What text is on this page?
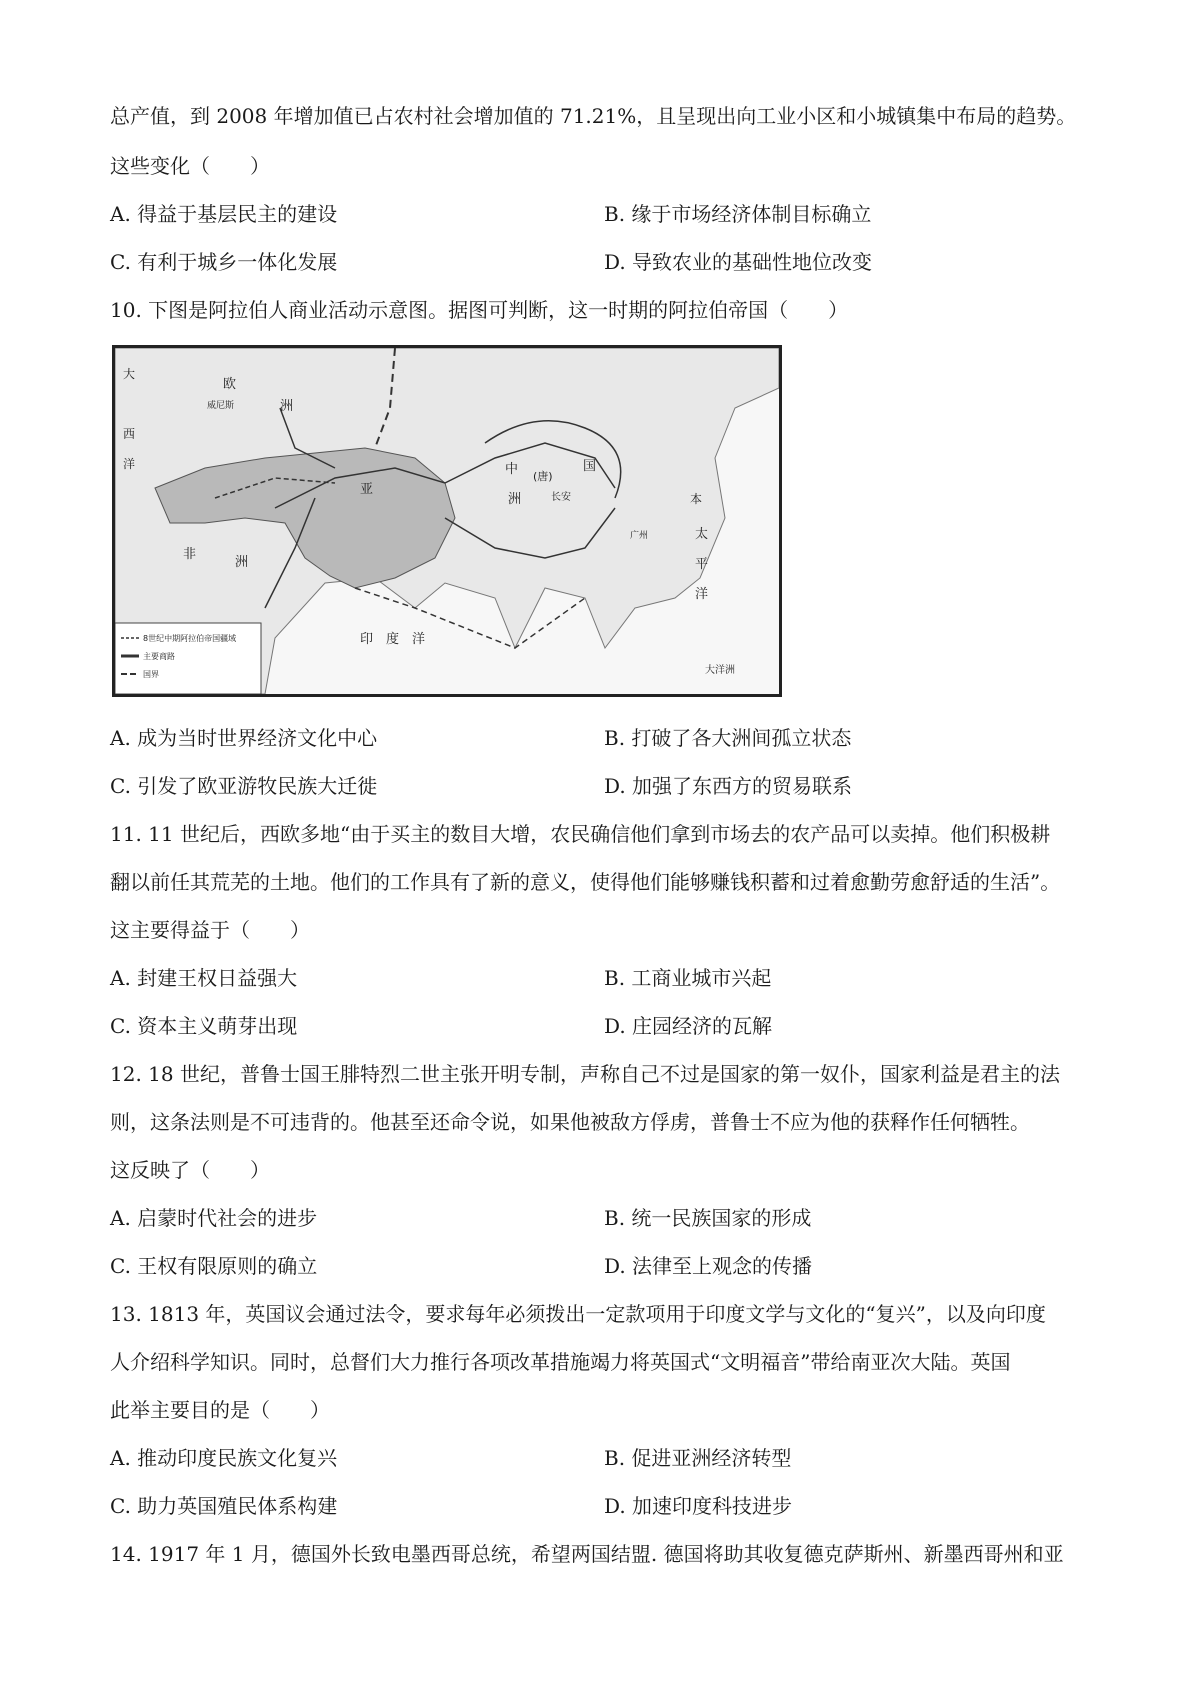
总产值，到 2008 年增加值已占农村社会增加值的 71.21%，且呈现出向工业小区和小城镇集中布局的趋势。
这些变化（　　）
A. 得益于基层民主的建设	B. 缘于市场经济体制目标确立
C. 有利于城乡一体化发展	D. 导致农业的基础性地位改变
10. 下图是阿拉伯人商业活动示意图。据图可判断，这一时期的阿拉伯帝国（　　）
欧
洲
非
洲
亚
中 (唐)
国
洲	长安
太
平
洋
印　度　洋
本
大
西
洋
威尼斯
广州
大洋洲
8世纪中期阿拉伯帝国疆域
主要商路
国界
A. 成为当时世界经济文化中心	B. 打破了各大洲间孤立状态
C. 引发了欧亚游牧民族大迁徙	D. 加强了东西方的贸易联系
11. 11 世纪后，西欧多地“由于买主的数目大增，农民确信他们拿到市场去的农产品可以卖掉。他们积极耕
翻以前任其荒芜的土地。他们的工作具有了新的意义，使得他们能够赚钱积蓄和过着愈勤劳愈舒适的生活”。
这主要得益于（　　）
A. 封建王权日益强大	B. 工商业城市兴起
C. 资本主义萌芽出现	D. 庄园经济的瓦解
12. 18 世纪，普鲁士国王腓特烈二世主张开明专制，声称自己不过是国家的第一奴仆，国家利益是君主的法
则，这条法则是不可违背的。他甚至还命令说，如果他被敌方俘虏，普鲁士不应为他的获释作任何牺牲。
这反映了（　　）
A. 启蒙时代社会的进步	B. 统一民族国家的形成
C. 王权有限原则的确立	D. 法律至上观念的传播
13. 1813 年，英国议会通过法令，要求每年必须拨出一定款项用于印度文学与文化的“复兴”，以及向印度
人介绍科学知识。同时，总督们大力推行各项改革措施竭力将英国式“文明福音”带给南亚次大陆。英国
此举主要目的是（　　）
A. 推动印度民族文化复兴	B. 促进亚洲经济转型
C. 助力英国殖民体系构建	D. 加速印度科技进步
14. 1917 年 1 月，德国外长致电墨西哥总统，希望两国结盟. 德国将助其收复德克萨斯州、新墨西哥州和亚
